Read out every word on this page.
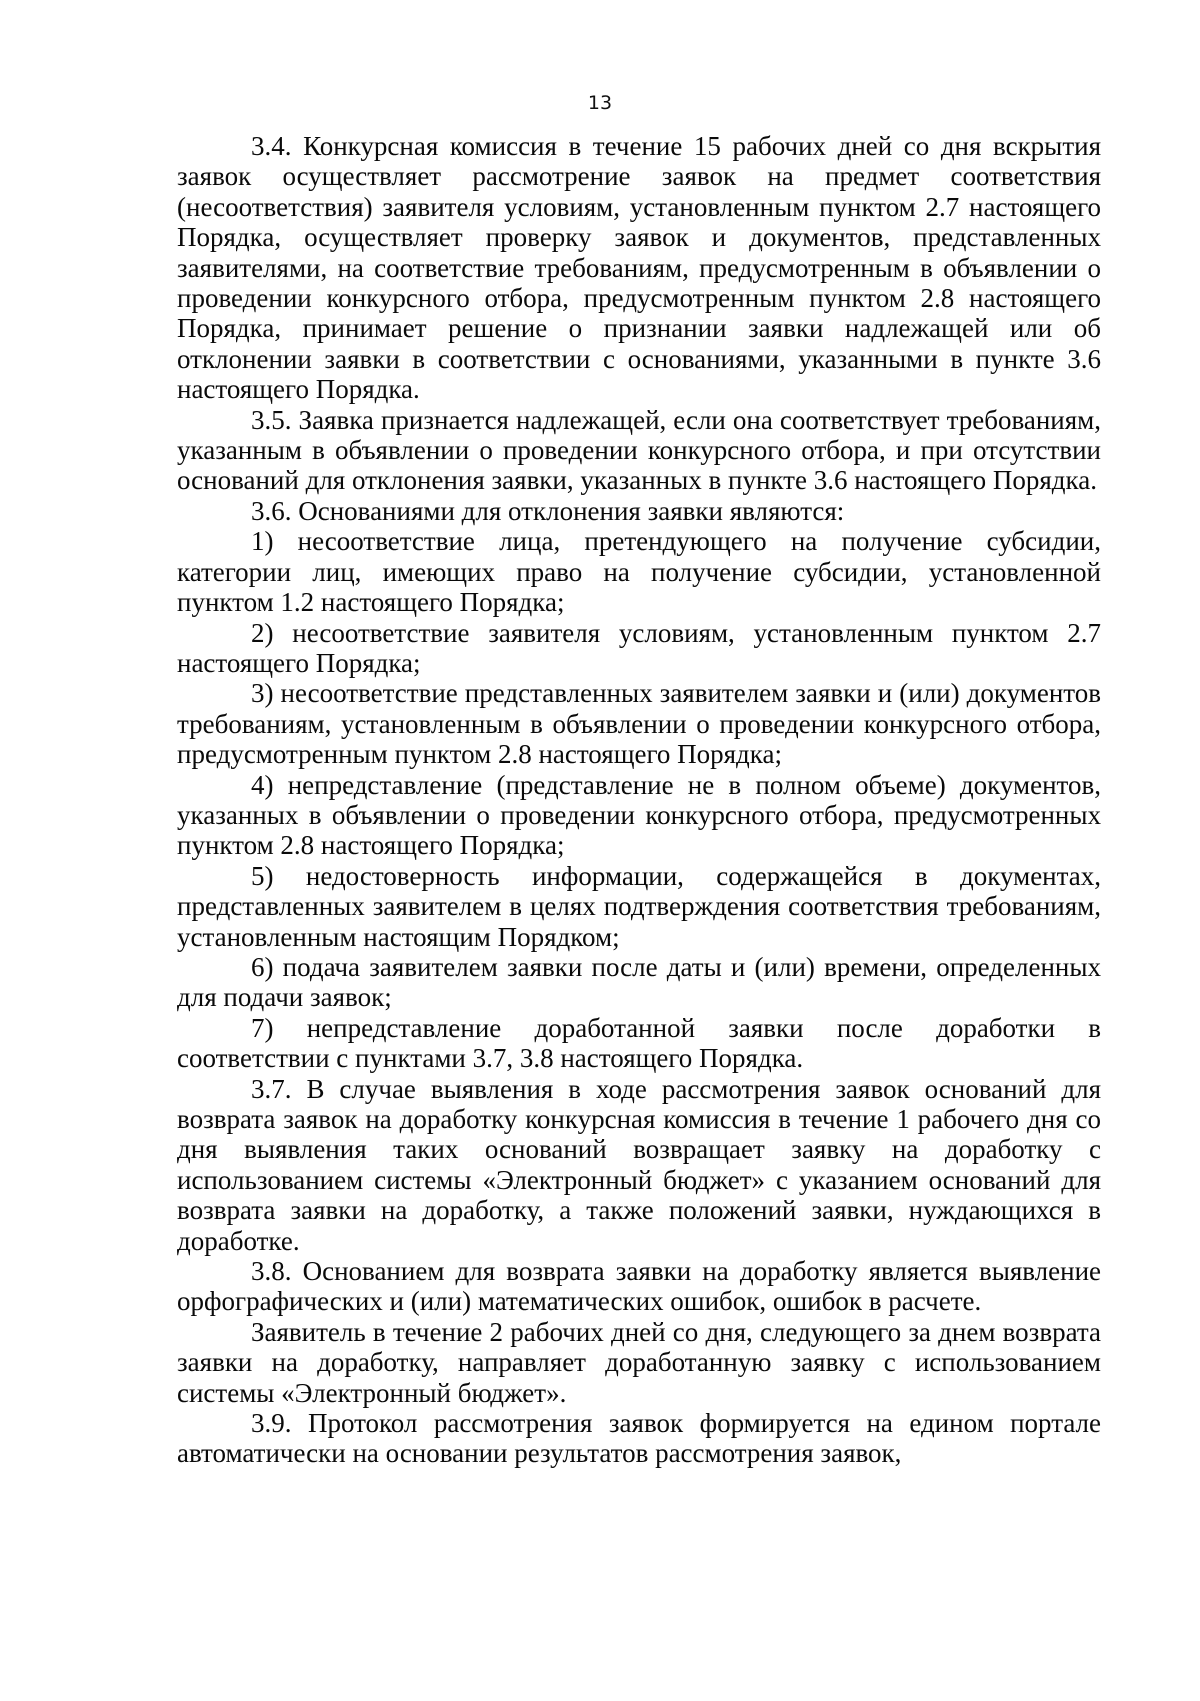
13

3.4. Конкурсная комиссия в течение 15 рабочих дней со дня вскрытия заявок осуществляет рассмотрение заявок на предмет соответствия (несоответствия) заявителя условиям, установленным пунктом 2.7 настоящего Порядка, осуществляет проверку заявок и документов, представленных заявителями, на соответствие требованиям, предусмотренным в объявлении о проведении конкурсного отбора, предусмотренным пунктом 2.8 настоящего Порядка, принимает решение о признании заявки надлежащей или об отклонении заявки в соответствии с основаниями, указанными в пункте 3.6 настоящего Порядка.

3.5. Заявка признается надлежащей, если она соответствует требованиям, указанным в объявлении о проведении конкурсного отбора, и при отсутствии оснований для отклонения заявки, указанных в пункте 3.6 настоящего Порядка.

3.6. Основаниями для отклонения заявки являются:

1) несоответствие лица, претендующего на получение субсидии, категории лиц, имеющих право на получение субсидии, установленной пунктом 1.2 настоящего Порядка;

2) несоответствие заявителя условиям, установленным пунктом 2.7 настоящего Порядка;

3) несоответствие представленных заявителем заявки и (или) документов требованиям, установленным в объявлении о проведении конкурсного отбора, предусмотренным пунктом 2.8 настоящего Порядка;

4) непредставление (представление не в полном объеме) документов, указанных в объявлении о проведении конкурсного отбора, предусмотренных пунктом 2.8 настоящего Порядка;

5) недостоверность информации, содержащейся в документах, представленных заявителем в целях подтверждения соответствия требованиям, установленным настоящим Порядком;

6) подача заявителем заявки после даты и (или) времени, определенных для подачи заявок;

7) непредставление доработанной заявки после доработки в соответствии с пунктами 3.7, 3.8 настоящего Порядка.

3.7. В случае выявления в ходе рассмотрения заявок оснований для возврата заявок на доработку конкурсная комиссия в течение 1 рабочего дня со дня выявления таких оснований возвращает заявку на доработку с использованием системы «Электронный бюджет» с указанием оснований для возврата заявки на доработку, а также положений заявки, нуждающихся в доработке.

3.8. Основанием для возврата заявки на доработку является выявление орфографических и (или) математических ошибок, ошибок в расчете.

Заявитель в течение 2 рабочих дней со дня, следующего за днем возврата заявки на доработку, направляет доработанную заявку с использованием системы «Электронный бюджет».

3.9. Протокол рассмотрения заявок формируется на едином портале автоматически на основании результатов рассмотрения заявок,
